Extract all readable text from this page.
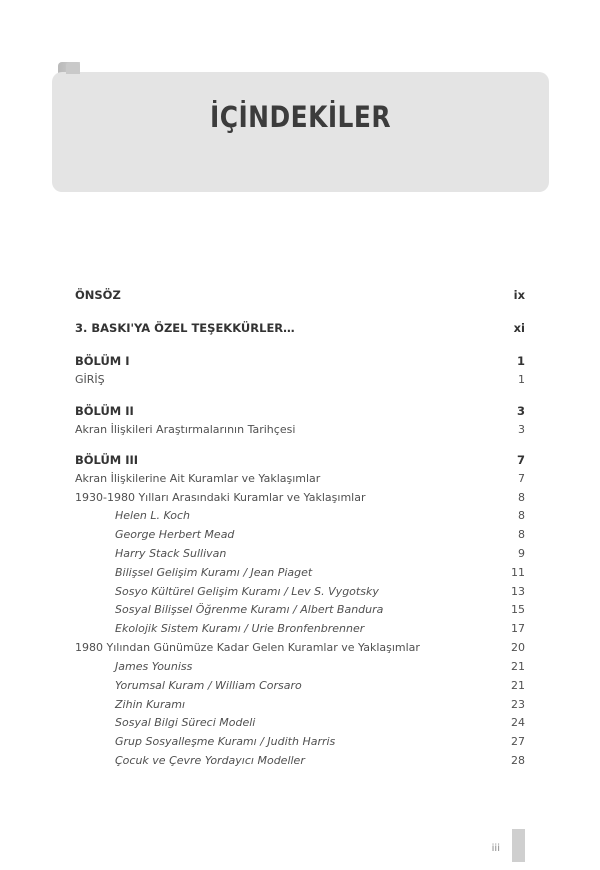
İÇİNDEKİLER
ÖNSÖZ	ix
3. BASKI'YA ÖZEL TEŞEKKÜRLER…	xi
BÖLÜM I	1
GİRİŞ	1
BÖLÜM II	3
Akran İlişkileri Araştırmalarının Tarihçesi	3
BÖLÜM III	7
Akran İlişkilerine Ait Kuramlar ve Yaklaşımlar	7
1930-1980 Yılları Arasındaki Kuramlar ve Yaklaşımlar	8
Helen L. Koch	8
George Herbert Mead	8
Harry Stack Sullivan	9
Bilişsel Gelişim Kuramı / Jean Piaget	11
Sosyo Kültürel Gelişim Kuramı / Lev S. Vygotsky	13
Sosyal Bilişsel Öğrenme Kuramı / Albert Bandura	15
Ekolojik Sistem Kuramı / Urie Bronfenbrenner	17
1980 Yılından Günümüze Kadar Gelen Kuramlar ve Yaklaşımlar	20
James Youniss	21
Yorumsal Kuram / William Corsaro	21
Zihin Kuramı	23
Sosyal Bilgi Süreci Modeli	24
Grup Sosyalleşme Kuramı / Judith Harris	27
Çocuk ve Çevre Yordayıcı Modeller	28
iii
